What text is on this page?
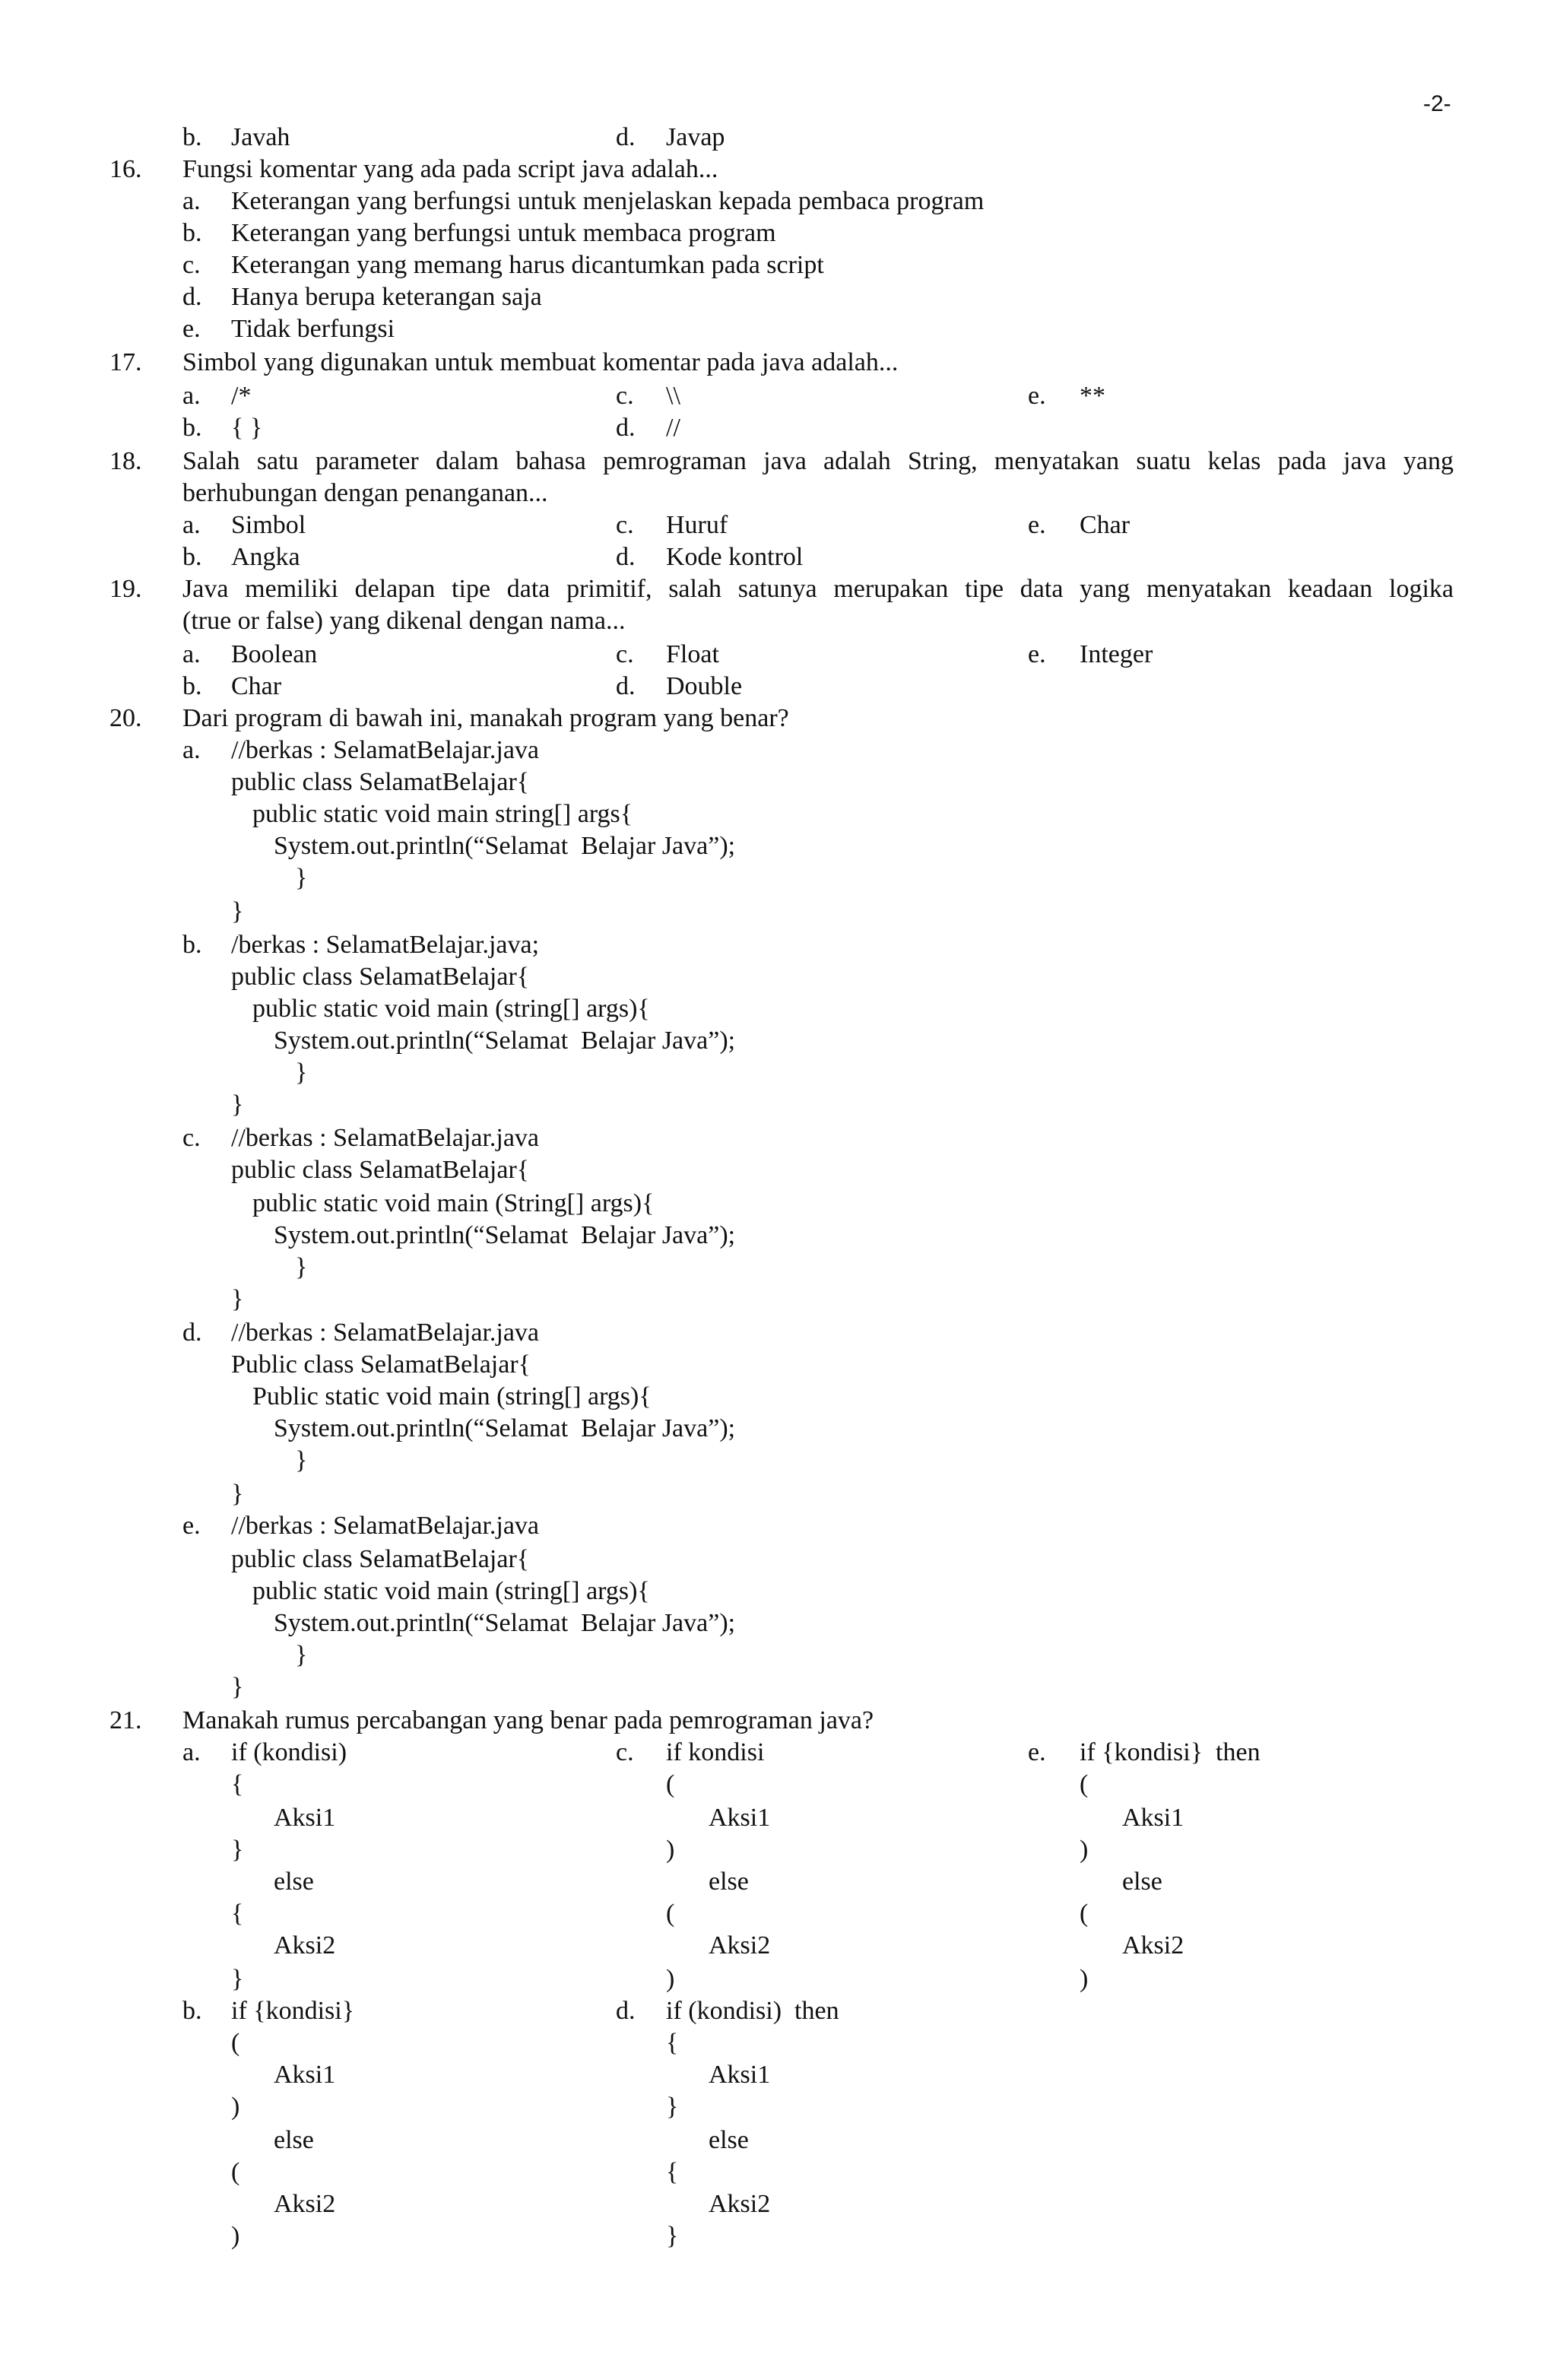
-2-
b. Javah	d. Javap
16. Fungsi komentar yang ada pada script java adalah...
a. Keterangan yang berfungsi untuk menjelaskan kepada pembaca program
b. Keterangan yang berfungsi untuk membaca program
c. Keterangan yang memang harus dicantumkan pada script
d. Hanya berupa keterangan saja
e. Tidak berfungsi
17. Simbol yang digunakan untuk membuat komentar pada java adalah...
a. /*
b. { }
c. \\
d. //
e. **
18. Salah satu parameter dalam bahasa pemrograman java adalah String, menyatakan suatu kelas pada java yang
berhubungan dengan penanganan...
a. Simbol
b. Angka
c. Huruf
d. Kode kontrol
e. Char
19. Java memiliki delapan tipe data primitif, salah satunya merupakan tipe data yang menyatakan keadaan logika
(true or false) yang dikenal dengan nama...
a. Boolean
b. Char
c. Float
d. Double
e. Integer
20. Dari program di bawah ini, manakah program yang benar?
a. //berkas : SelamatBelajar.java
public class SelamatBelajar{
public static void main string[] args{
System.out.println(“Selamat  Belajar Java”);
}
}
b. /berkas : SelamatBelajar.java;
public class SelamatBelajar{
public static void main (string[] args){
System.out.println(“Selamat  Belajar Java”);
}
}
c. //berkas : SelamatBelajar.java
public class SelamatBelajar{
public static void main (String[] args){
System.out.println(“Selamat  Belajar Java”);
}
}
d. //berkas : SelamatBelajar.java
Public class SelamatBelajar{
Public static void main (string[] args){
System.out.println(“Selamat  Belajar Java”);
}
}
e. //berkas : SelamatBelajar.java
public class SelamatBelajar{
public static void main (string[] args){
System.out.println(“Selamat  Belajar Java”);
}
}
21. Manakah rumus percabangan yang benar pada pemrograman java?
a. if (kondisi)
{
Aksi1
}
else
{
Aksi2
}
b. if {kondisi}
(
Aksi1
)
else
(
Aksi2
)
c. if kondisi
(
Aksi1
)
else
(
Aksi2
)
d. if (kondisi)  then
{
Aksi1
}
else
{
Aksi2
}
e. if {kondisi}  then
(
Aksi1
)
else
(
Aksi2
)
